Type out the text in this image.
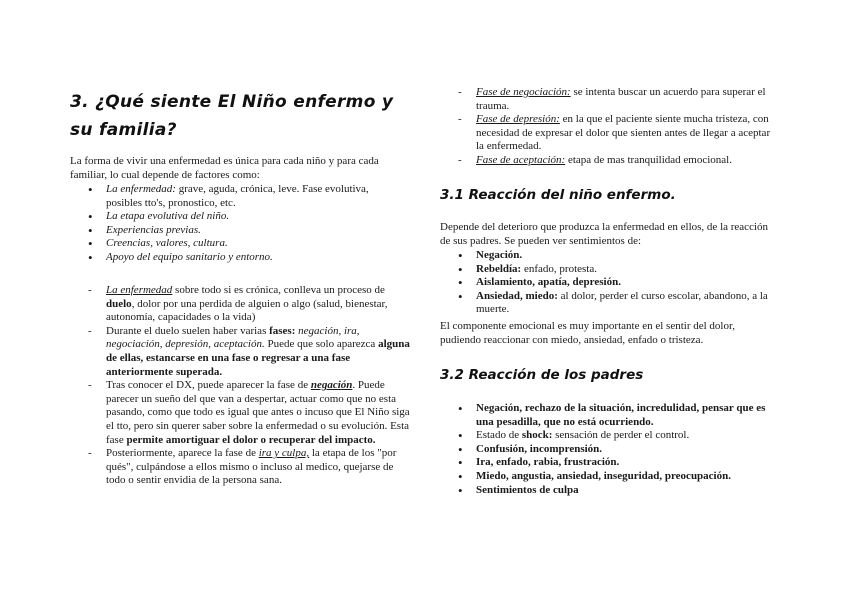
3. ¿Qué siente El Niño enfermo y su familia?

La forma de vivir una enfermedad es única para cada niño y para cada familiar, lo cual depende de factores como:

• La enfermedad: grave, aguda, crónica, leve. Fase evolutiva, posibles tto's, pronostico, etc.
• La etapa evolutiva del niño.
• Experiencias previas.
• Creencias, valores, cultura.
• Apoyo del equipo sanitario y entorno.
- La enfermedad sobre todo si es crónica, conlleva un proceso de duelo, dolor por una perdida de alguien o algo (salud, bienestar, autonomía, capacidades o la vida)
- Durante el duelo suelen haber varias fases: negación, ira, negociación, depresión, aceptación. Puede que solo aparezca alguna de ellas, estancarse en una fase o regresar a una fase anteriormente superada.
- Tras conocer el DX, puede aparecer la fase de negación. Puede parecer un sueño del que van a despertar, actuar como que no esta pasando, como que todo es igual que antes o incuso que El Niño siga el tto, pero sin querer saber sobre la enfermedad o su evolución. Esta fase permite amortiguar el dolor o recuperar del impacto.
- Posteriormente, aparece la fase de ira y culpa, la etapa de los "por qués", culpándose a ellos mismo o incluso al medico, quejarse de todo o sentir envidia de la persona sana.
- Fase de negociación: se intenta buscar un acuerdo para superar el trauma.
- Fase de depresión: en la que el paciente siente mucha tristeza, con necesidad de expresar el dolor que sienten antes de llegar a aceptar la enfermedad.
- Fase de aceptación: etapa de mas tranquilidad emocional.
3.1 Reacción del niño enfermo.

Depende del deterioro que produzca la enfermedad en ellos, de la reacción de sus padres. Se pueden ver sentimientos de:

• Negación.
• Rebeldía: enfado, protesta.
• Aislamiento, apatía, depresión.
• Ansiedad, miedo: al dolor, perder el curso escolar, abandono, a la muerte.

El componente emocional es muy importante en el sentir del dolor, pudiendo reaccionar con miedo, ansiedad, enfado o tristeza.

3.2 Reacción de los padres
• Negación, rechazo de la situación, incredulidad, pensar que es una pesadilla, que no está ocurriendo.
• Estado de shock: sensación de perder el control.
• Confusión, incomprensión.
• Ira, enfado, rabia, frustración.
• Miedo, angustia, ansiedad, inseguridad, preocupación.
• Sentimientos de culpa
